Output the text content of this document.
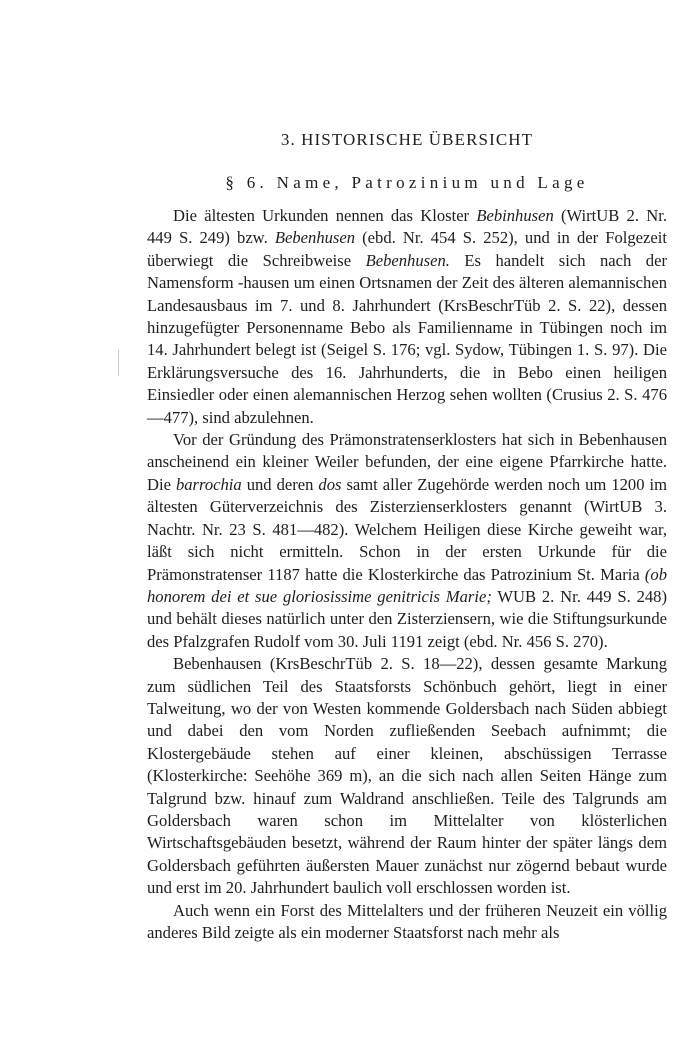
3. HISTORISCHE ÜBERSICHT
§ 6. Name, Patrozinium und Lage

Die ältesten Urkunden nennen das Kloster Bebinhusen (WirtUB 2. Nr. 449 S. 249) bzw. Bebenhusen (ebd. Nr. 454 S. 252), und in der Folgezeit überwiegt die Schreibweise Bebenhusen. Es handelt sich nach der Namensform -hausen um einen Ortsnamen der Zeit des älteren alemannischen Landesausbaus im 7. und 8. Jahrhundert (KrsBeschrTüb 2. S. 22), dessen hinzugefügter Personenname Bebo als Familienname in Tübingen noch im 14. Jahrhundert belegt ist (Seigel S. 176; vgl. Sydow, Tübingen 1. S. 97). Die Erklärungsversuche des 16. Jahrhunderts, die in Bebo einen heiligen Einsiedler oder einen alemannischen Herzog sehen wollten (Crusius 2. S. 476—477), sind abzulehnen.

Vor der Gründung des Prämonstratenserklosters hat sich in Bebenhausen anscheinend ein kleiner Weiler befunden, der eine eigene Pfarrkirche hatte. Die barrochia und deren dos samt aller Zugehörde werden noch um 1200 im ältesten Güterverzeichnis des Zisterzienserklosters genannt (WirtUB 3. Nachtr. Nr. 23 S. 481—482). Welchem Heiligen diese Kirche geweiht war, läßt sich nicht ermitteln. Schon in der ersten Urkunde für die Prämonstratenser 1187 hatte die Klosterkirche das Patrozinium St. Maria (ob honorem dei et sue gloriosissime genitricis Marie; WUB 2. Nr. 449 S. 248) und behält dieses natürlich unter den Zisterziensern, wie die Stiftungsurkunde des Pfalzgrafen Rudolf vom 30. Juli 1191 zeigt (ebd. Nr. 456 S. 270).

Bebenhausen (KrsBeschrTüb 2. S. 18—22), dessen gesamte Markung zum südlichen Teil des Staatsforsts Schönbuch gehört, liegt in einer Talweitung, wo der von Westen kommende Goldersbach nach Süden abbiegt und dabei den vom Norden zufließenden Seebach aufnimmt; die Klostergebäude stehen auf einer kleinen, abschüssigen Terrasse (Klosterkirche: Seehöhe 369 m), an die sich nach allen Seiten Hänge zum Talgrund bzw. hinauf zum Waldrand anschließen. Teile des Talgrunds am Goldersbach waren schon im Mittelalter von klösterlichen Wirtschaftsgebäuden besetzt, während der Raum hinter der später längs dem Goldersbach geführten äußersten Mauer zunächst nur zögernd bebaut wurde und erst im 20. Jahrhundert baulich voll erschlossen worden ist.

Auch wenn ein Forst des Mittelalters und der früheren Neuzeit ein völlig anderes Bild zeigte als ein moderner Staatsforst nach mehr als
